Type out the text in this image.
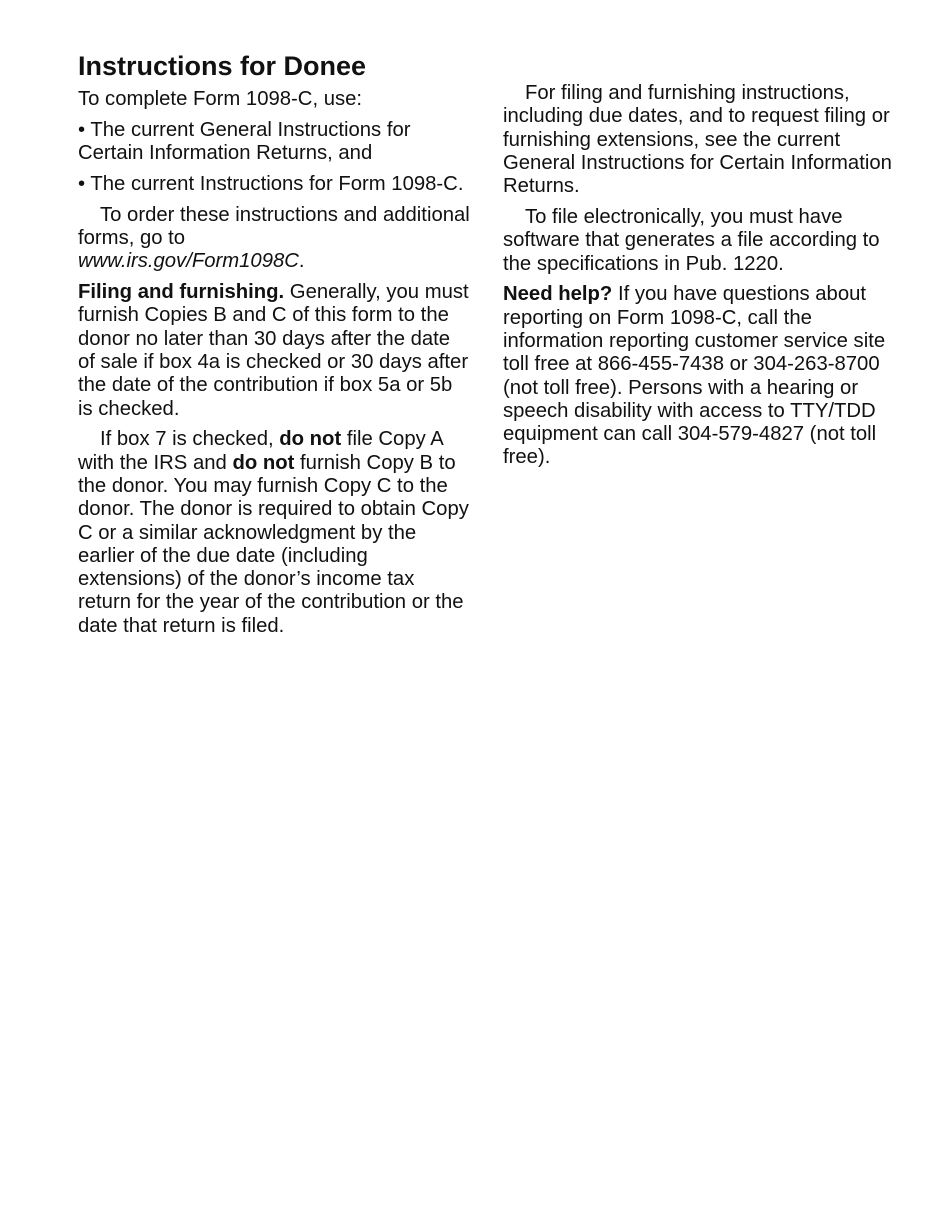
Instructions for Donee

To complete Form 1098-C, use:

• The current General Instructions for Certain Information Returns, and

• The current Instructions for Form 1098-C.

To order these instructions and additional forms, go to
www.irs.gov/Form1098C.

Filing and furnishing. Generally, you must furnish Copies B and C of this form to the donor no later than 30 days after the date of sale if box 4a is checked or 30 days after the date of the contribution if box 5a or 5b is checked.

If box 7 is checked, do not file Copy A with the IRS and do not furnish Copy B to the donor. You may furnish Copy C to the donor. The donor is required to obtain Copy C or a similar acknowledgment by the earlier of the due date (including extensions) of the donor’s income tax return for the year of the contribution or the date that return is filed.

For filing and furnishing instructions, including due dates, and to request filing or furnishing extensions, see the current General Instructions for Certain Information Returns.

To file electronically, you must have software that generates a file according to the specifications in Pub. 1220.

Need help? If you have questions about reporting on Form 1098-C, call the information reporting customer service site toll free at 866-455-7438 or 304-263-8700 (not toll free). Persons with a hearing or speech disability with access to TTY/TDD equipment can call 304-579-4827 (not toll free).
